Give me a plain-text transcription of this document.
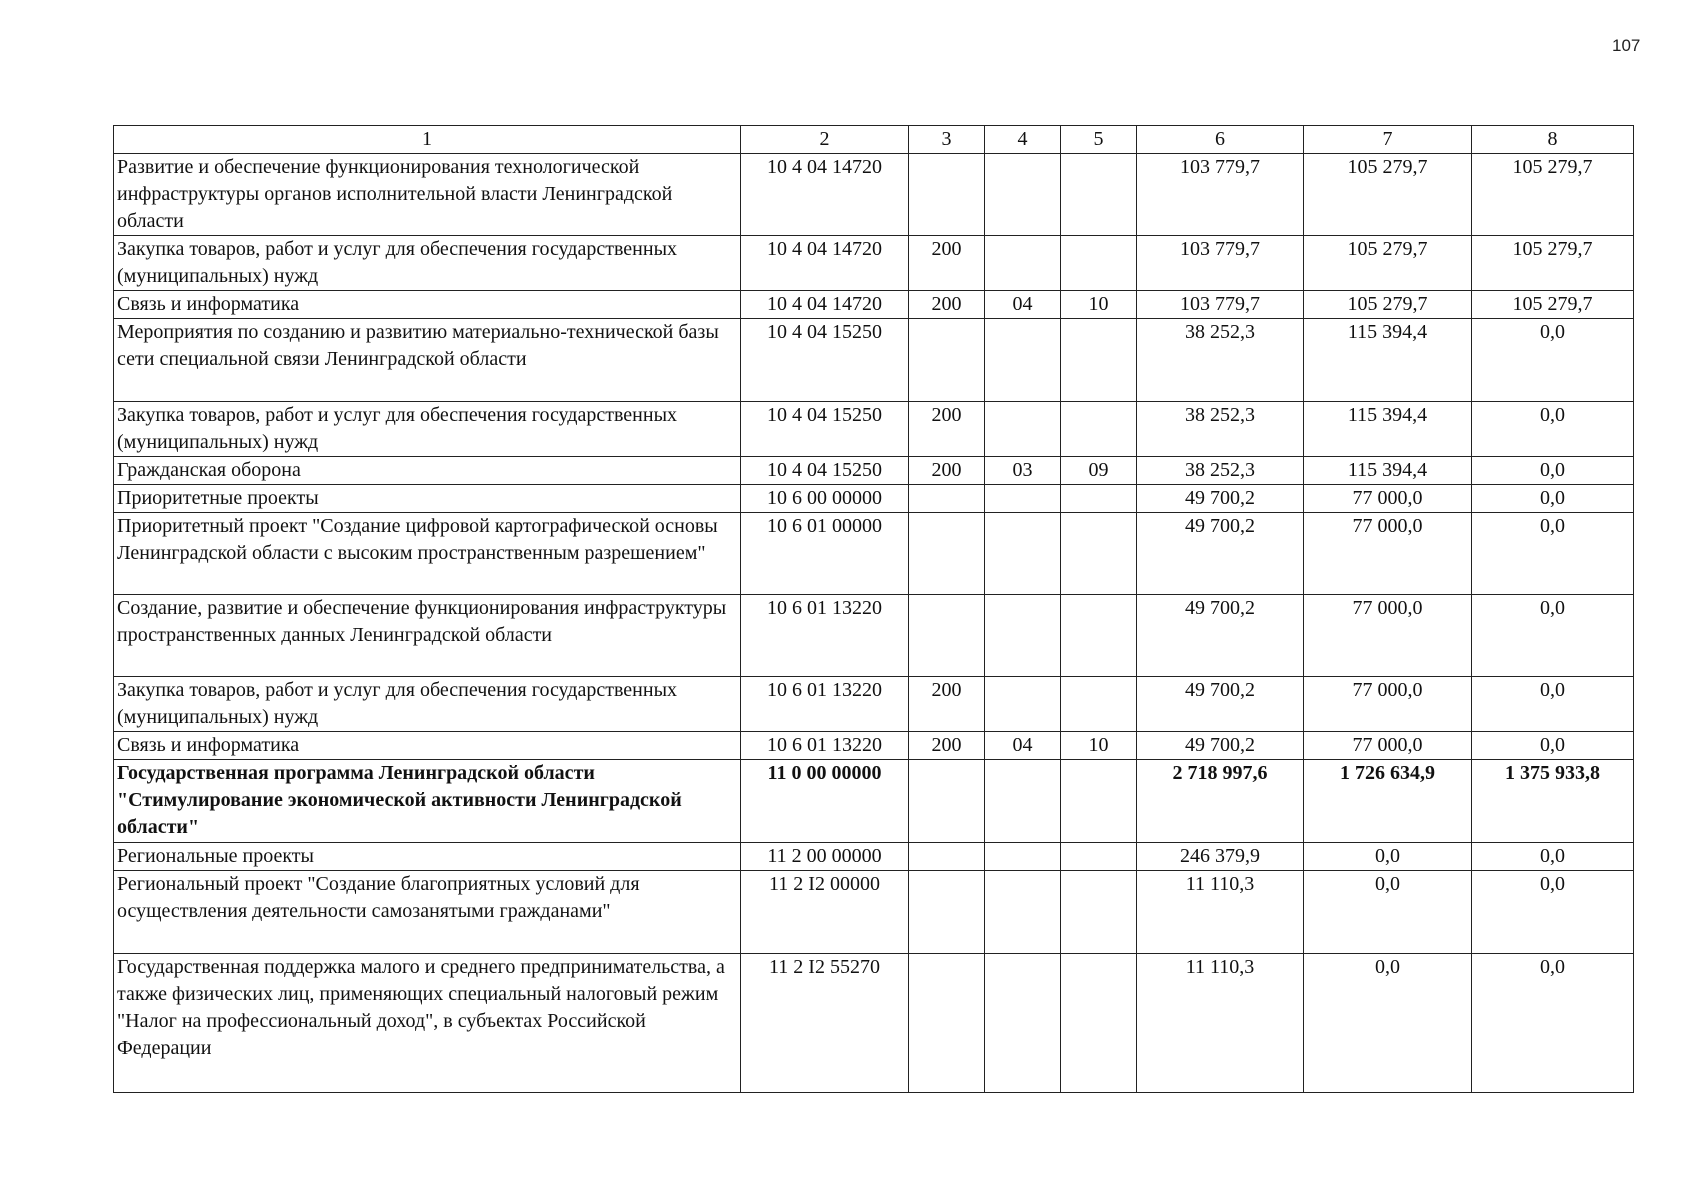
107
1	2	3	4	5	6	7	8
Развитие и обеспечение функционирования технологической инфраструктуры органов исполнительной власти Ленинградской области	10 4 04 14720				103 779,7	105 279,7	105 279,7
Закупка товаров, работ и услуг для обеспечения государственных (муниципальных) нужд	10 4 04 14720	200			103 779,7	105 279,7	105 279,7
Связь и информатика	10 4 04 14720	200	04	10	103 779,7	105 279,7	105 279,7
Мероприятия по созданию и развитию материально-технической базы сети специальной связи Ленинградской области	10 4 04 15250				38 252,3	115 394,4	0,0
Закупка товаров, работ и услуг для обеспечения государственных (муниципальных) нужд	10 4 04 15250	200			38 252,3	115 394,4	0,0
Гражданская оборона	10 4 04 15250	200	03	09	38 252,3	115 394,4	0,0
Приоритетные проекты	10 6 00 00000				49 700,2	77 000,0	0,0
Приоритетный проект "Создание цифровой картографической основы Ленинградской области с высоким пространственным разрешением"	10 6 01 00000				49 700,2	77 000,0	0,0
Создание, развитие и обеспечение функционирования инфраструктуры пространственных данных Ленинградской области	10 6 01 13220				49 700,2	77 000,0	0,0
Закупка товаров, работ и услуг для обеспечения государственных (муниципальных) нужд	10 6 01 13220	200			49 700,2	77 000,0	0,0
Связь и информатика	10 6 01 13220	200	04	10	49 700,2	77 000,0	0,0
Государственная программа Ленинградской области "Стимулирование экономической активности Ленинградской области"	11 0 00 00000				2 718 997,6	1 726 634,9	1 375 933,8
Региональные проекты	11 2 00 00000				246 379,9	0,0	0,0
Региональный проект "Создание благоприятных условий для осуществления деятельности самозанятыми гражданами"	11 2 I2 00000				11 110,3	0,0	0,0
Государственная поддержка малого и среднего предпринимательства, а также физических лиц, применяющих специальный налоговый режим "Налог на профессиональный доход", в субъектах Российской Федерации	11 2 I2 55270				11 110,3	0,0	0,0
